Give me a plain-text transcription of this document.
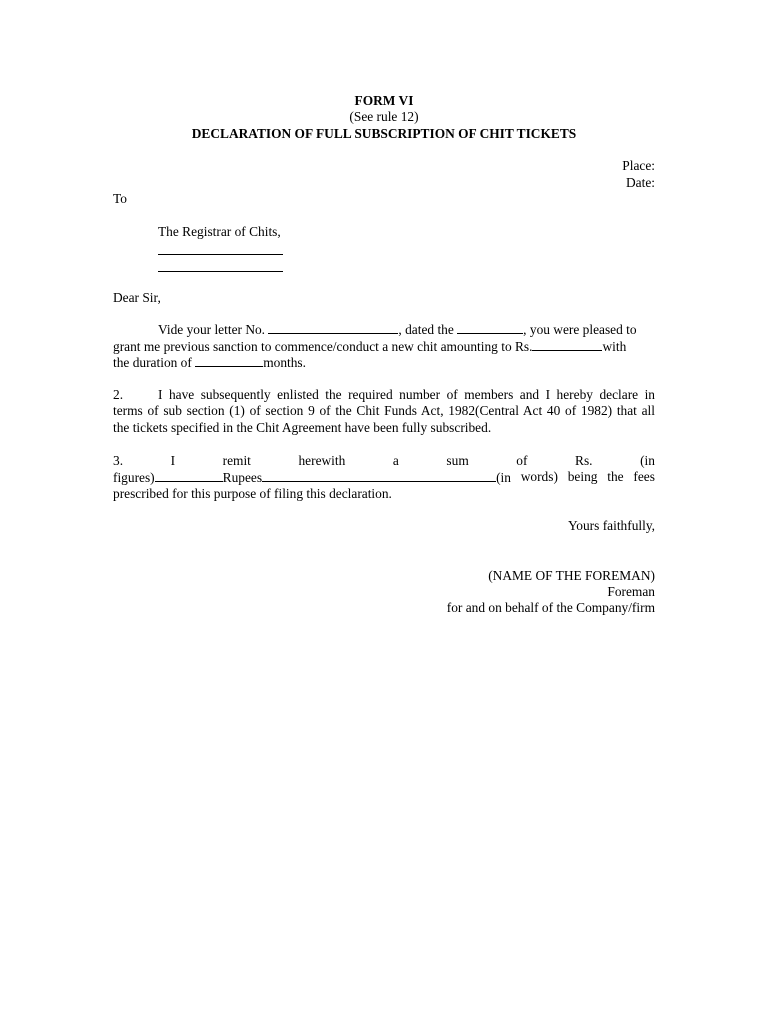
FORM VI
(See rule 12)
DECLARATION OF FULL SUBSCRIPTION OF CHIT TICKETS
Place:
Date:
To
The Registrar of Chits,
Dear Sir,
Vide your letter No.	, dated the	, you were pleased to
grant me previous sanction to commence/conduct a new chit amounting to Rs.	with
the duration of	months.
2.	I have subsequently enlisted the required number of members and I hereby declare in
terms of sub section (1) of section 9 of the Chit Funds Act, 1982(Central Act 40 of 1982) that all
the tickets specified in the Chit Agreement have been fully subscribed.
3.	I	remit	herewith	a	sum	of	Rs.	(in
figures)	Rupees	(in words) being the fees
prescribed for this purpose of filing this declaration.
Yours faithfully,
(NAME OF THE FOREMAN)
Foreman
for and on behalf of the Company/firm
